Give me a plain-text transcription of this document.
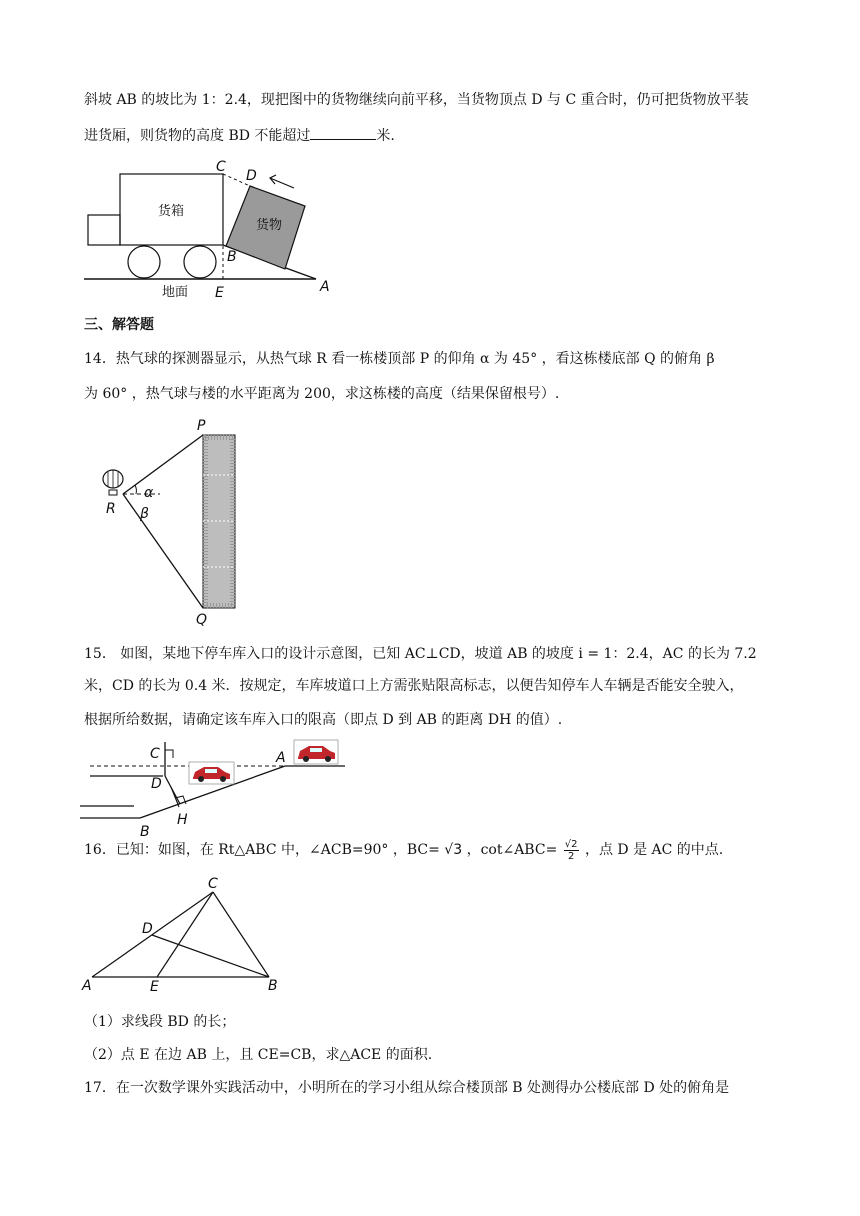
斜坡 AB 的坡比为 1：2.4，现把图中的货物继续向前平移，当货物顶点 D 与 C 重合时，仍可把货物放平装
进货厢，则货物的高度 BD 不能超过	米.
货箱
货物
C
D
B
E	A
地面
三、解答题
14．热气球的探测器显示，从热气球 R 看一栋楼顶部 P 的仰角 α 为 45° ，看这栋楼底部 Q 的俯角 β
为 60° ，热气球与楼的水平距离为 200，求这栋楼的高度（结果保留根号）.
P
Q
R
α
β
15． 如图，某地下停车库入口的设计示意图，已知 AC⊥CD，坡道 AB 的坡度 i = 1：2.4，AC 的长为 7.2
米，CD 的长为 0.4 米．按规定，车库坡道口上方需张贴限高标志，以便告知停车人车辆是否能安全驶入，
根据所给数据，请确定该车库入口的限高（即点 D 到 AB 的距离 DH 的值）.
C
D
B
H
A
16．已知：如图，在 Rt△ABC 中，∠ACB=90° ，BC= √3 ，cot∠ABC= $\frac{√2}{2}$ ，点 D 是 AC 的中点.
C
D
A	E	B
（1）求线段 BD 的长；
（2）点 E 在边 AB 上，且 CE=CB，求△ACE 的面积.
17．在一次数学课外实践活动中，小明所在的学习小组从综合楼顶部 B 处测得办公楼底部 D 处的俯角是
